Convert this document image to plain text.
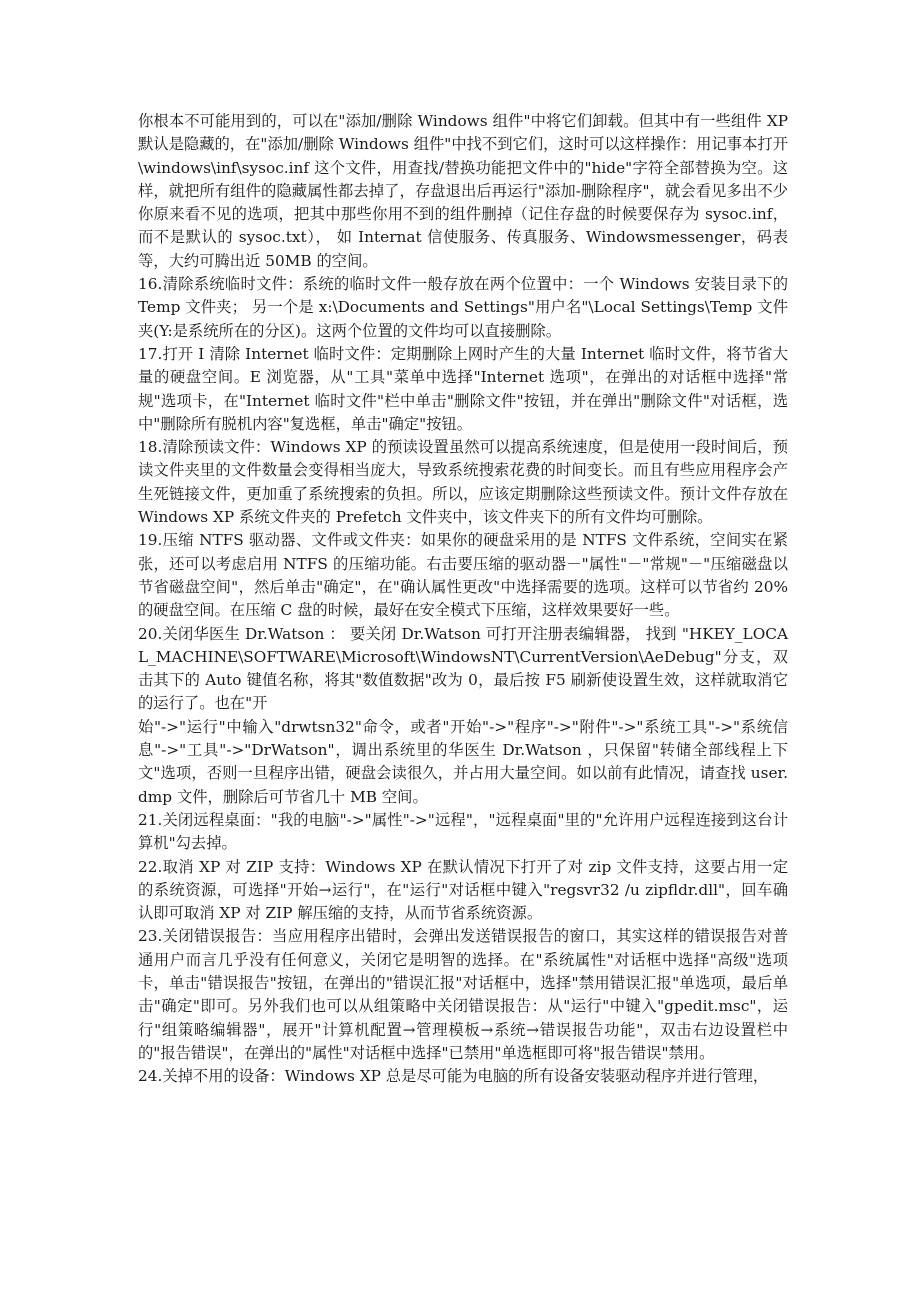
你根本不可能用到的，可以在"添加/删除 Windows 组件"中将它们卸载。但其中有一些组件 XP 默认是隐藏的，在"添加/删除 Windows 组件"中找不到它们，这时可以这样操作：用记事本打开\windows\inf\sysoc.inf 这个文件，用查找/替换功能把文件中的"hide"字符全部替换为空。这样，就把所有组件的隐藏属性都去掉了，存盘退出后再运行"添加-删除程序"，就会看见多出不少你原来看不见的选项，把其中那些你用不到的组件删掉（记住存盘的时候要保存为 sysoc.inf， 而不是默认的 sysoc.txt）， 如 Internat 信使服务、传真服务、Windowsmessenger，码表等，大约可腾出近 50MB 的空间。

16.清除系统临时文件：系统的临时文件一般存放在两个位置中：一个 Windows 安装目录下的 Temp 文件夹； 另一个是 x:\Documents and Settings"用户名"\Local Settings\Temp 文件夹(Y:是系统所在的分区)。这两个位置的文件均可以直接删除。

17.打开 I 清除 Internet 临时文件：定期删除上网时产生的大量 Internet 临时文件，将节省大量的硬盘空间。E 浏览器，从"工具"菜单中选择"Internet 选项"，在弹出的对话框中选择"常规"选项卡，在"Internet 临时文件"栏中单击"删除文件"按钮，并在弹出"删除文件"对话框，选中"删除所有脱机内容"复选框，单击"确定"按钮。

18.清除预读文件：Windows XP 的预读设置虽然可以提高系统速度，但是使用一段时间后，预读文件夹里的文件数量会变得相当庞大，导致系统搜索花费的时间变长。而且有些应用程序会产生死链接文件，更加重了系统搜索的负担。所以，应该定期删除这些预读文件。预计文件存放在 Windows XP 系统文件夹的 Prefetch 文件夹中，该文件夹下的所有文件均可删除。

19.压缩 NTFS 驱动器、文件或文件夹：如果你的硬盘采用的是 NTFS 文件系统，空间实在紧张，还可以考虑启用 NTFS 的压缩功能。右击要压缩的驱动器－"属性"－"常规"－"压缩磁盘以节省磁盘空间"，然后单击"确定"，在"确认属性更改"中选择需要的选项。这样可以节省约 20% 的硬盘空间。在压缩 C 盘的时候，最好在安全模式下压缩，这样效果要好一些。

20.关闭华医生 Dr.Watson ： 要关闭 Dr.Watson 可打开注册表编辑器， 找到 "HKEY_LOCAL_MACHINE\SOFTWARE\Microsoft\WindowsNT\CurrentVersion\AeDebug"分支，双击其下的 Auto 键值名称，将其"数值数据"改为 0，最后按 F5 刷新使设置生效，这样就取消它的运行了。也在"开

始"->"运行"中输入"drwtsn32"命令，或者"开始"->"程序"->"附件"->"系统工具"->"系统信息"->"工具"->"DrWatson"，调出系统里的华医生 Dr.Watson ，只保留"转储全部线程上下文"选项，否则一旦程序出错，硬盘会读很久，并占用大量空间。如以前有此情况，请查找 user.dmp 文件，删除后可节省几十 MB 空间。

21.关闭远程桌面："我的电脑"->"属性"->"远程"，"远程桌面"里的"允许用户远程连接到这台计算机"勾去掉。

22.取消 XP 对 ZIP 支持：Windows XP 在默认情况下打开了对 zip 文件支持，这要占用一定的系统资源，可选择"开始→运行"，在"运行"对话框中键入"regsvr32 /u zipfldr.dll"，回车确认即可取消 XP 对 ZIP 解压缩的支持，从而节省系统资源。

23.关闭错误报告：当应用程序出错时，会弹出发送错误报告的窗口，其实这样的错误报告对普通用户而言几乎没有任何意义，关闭它是明智的选择。在"系统属性"对话框中选择"高级"选项卡，单击"错误报告"按钮，在弹出的"错误汇报"对话框中，选择"禁用错误汇报"单选项，最后单击"确定"即可。另外我们也可以从组策略中关闭错误报告：从"运行"中键入"gpedit.msc"，运行"组策略编辑器"，展开"计算机配置→管理模板→系统→错误报告功能"，双击右边设置栏中的"报告错误"，在弹出的"属性"对话框中选择"已禁用"单选框即可将"报告错误"禁用。

24.关掉不用的设备：Windows XP 总是尽可能为电脑的所有设备安装驱动程序并进行管理，
